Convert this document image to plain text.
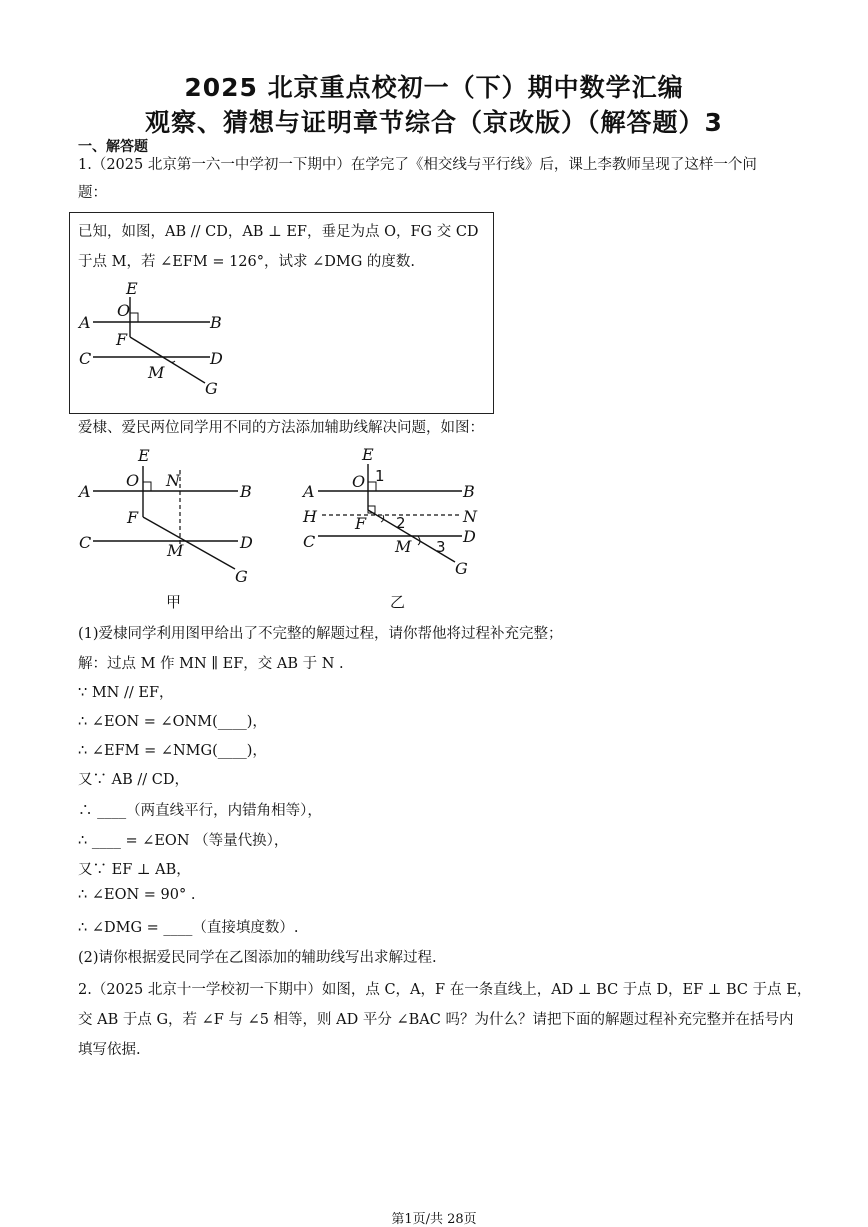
2025 北京重点校初一（下）期中数学汇编
观察、猜想与证明章节综合（京改版）（解答题）3
一、解答题
1.（2025 北京第一六一中学初一下期中）在学完了《相交线与平行线》后，课上李教师呈现了这样一个问
题：
已知，如图，AB // CD，AB ⊥ EF，垂足为点 O，FG 交 CD
于点 M，若 ∠EFM = 126°，试求 ∠DMG 的度数.
E
O
A	B
F
C	D
M
G
E
O N
A	B
F
C	D
M
G
甲
E
1
O
A	B
H F 2	N
C	D
M 3
G
乙
爱棣、爱民两位同学用不同的方法添加辅助线解决问题，如图：
(1)爱棣同学利用图甲给出了不完整的解题过程，请你帮他将过程补充完整；
解：过点 M 作 MN ∥ EF，交 AB 于 N .
∵ MN // EF，
∴ ∠EON = ∠ONM(____)，
∴ ∠EFM = ∠NMG(____)，
又∵ AB // CD，
∴ ____（两直线平行，内错角相等），
∴ ____ = ∠EON （等量代换），
又∵ EF ⊥ AB，
∴ ∠EON = 90° .
∴ ∠DMG = ____（直接填度数）.
(2)请你根据爱民同学在乙图添加的辅助线写出求解过程.
2.（2025 北京十一学校初一下期中）如图，点 C，A，F 在一条直线上，AD ⊥ BC 于点 D，EF ⊥ BC 于点 E，
交 AB 于点 G，若 ∠F 与 ∠5 相等，则 AD 平分 ∠BAC 吗？为什么？请把下面的解题过程补充完整并在括号内
填写依据.
第1页/共 28页
